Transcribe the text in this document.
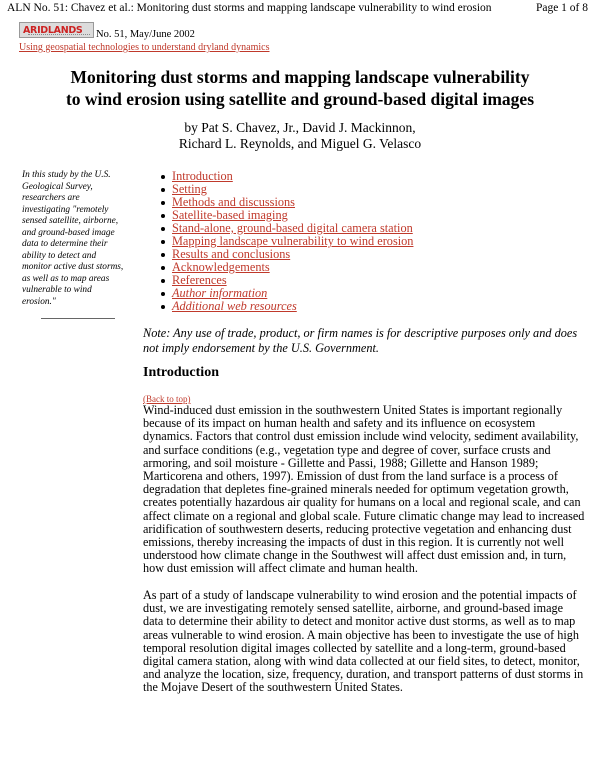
ALN No. 51: Chavez et al.: Monitoring dust storms and mapping landscape vulnerability to wind erosion	Page 1 of 8
ARIDLANDS No. 51, May/June 2002
Using geospatial technologies to understand dryland dynamics
Monitoring dust storms and mapping landscape vulnerability
to wind erosion using satellite and ground-based digital images
by Pat S. Chavez, Jr., David J. Mackinnon,
Richard L. Reynolds, and Miguel G. Velasco
In this study by the U.S. Geological Survey, researchers are investigating "remotely sensed satellite, airborne, and ground-based image data to determine their ability to detect and monitor active dust storms, as well as to map areas vulnerable to wind erosion."
Introduction
Setting
Methods and discussions
Satellite-based imaging
Stand-alone, ground-based digital camera station
Mapping landscape vulnerability to wind erosion
Results and conclusions
Acknowledgements
References
Author information
Additional web resources
Note: Any use of trade, product, or firm names is for descriptive purposes only and does not imply endorsement by the U.S. Government.
Introduction
(Back to top)
Wind-induced dust emission in the southwestern United States is important regionally because of its impact on human health and safety and its influence on ecosystem dynamics. Factors that control dust emission include wind velocity, sediment availability, and surface conditions (e.g., vegetation type and degree of cover, surface crusts and armoring, and soil moisture - Gillette and Passi, 1988; Gillette and Hanson 1989; Marticorena and others, 1997). Emission of dust from the land surface is a process of degradation that depletes fine-grained minerals needed for optimum vegetation growth, creates potentially hazardous air quality for humans on a local and regional scale, and can affect climate on a regional and global scale. Future climatic change may lead to increased aridification of southwestern deserts, reducing protective vegetation and enhancing dust emissions, thereby increasing the impacts of dust in this region. It is currently not well understood how climate change in the Southwest will affect dust emission and, in turn, how dust emission will affect climate and human health.
As part of a study of landscape vulnerability to wind erosion and the potential impacts of dust, we are investigating remotely sensed satellite, airborne, and ground-based image data to determine their ability to detect and monitor active dust storms, as well as to map areas vulnerable to wind erosion. A main objective has been to investigate the use of high temporal resolution digital images collected by satellite and a long-term, ground-based digital camera station, along with wind data collected at our field sites, to detect, monitor, and analyze the location, size, frequency, duration, and transport patterns of dust storms in the Mojave Desert of the southwestern United States.
